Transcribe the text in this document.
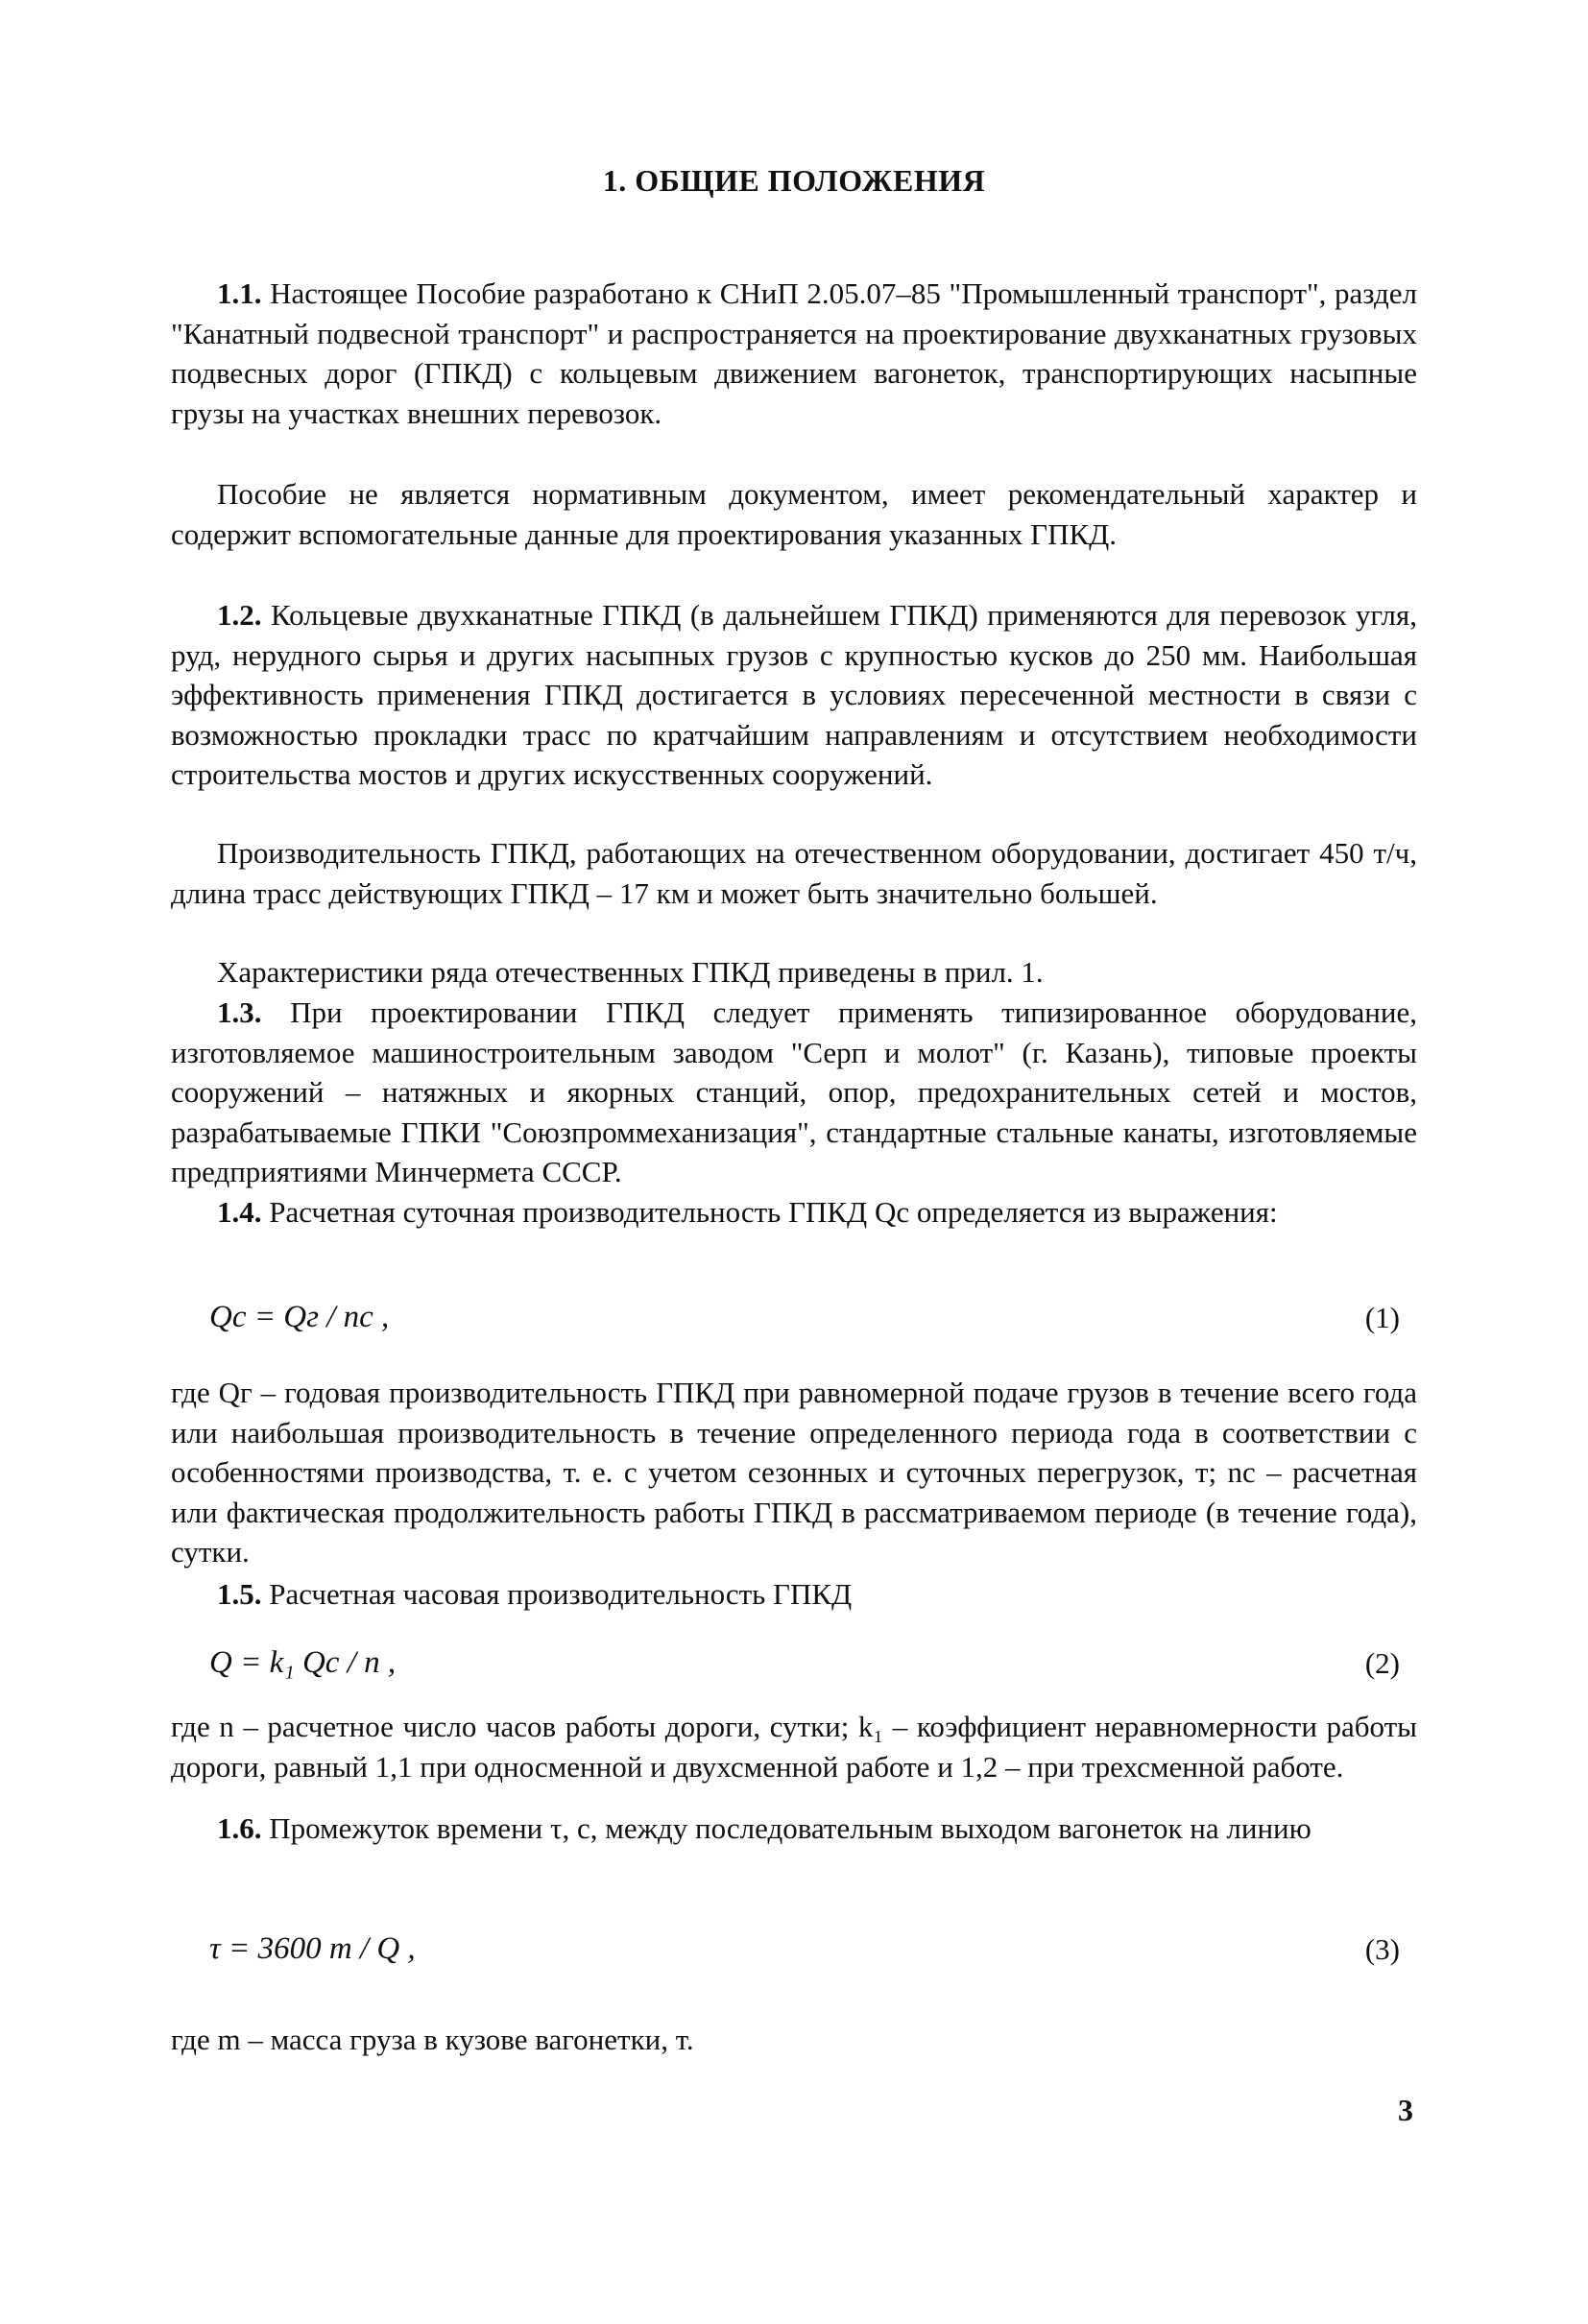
1. ОБЩИЕ ПОЛОЖЕНИЯ

1.1. Настоящее Пособие разработано к СНиП 2.05.07–85 "Промышленный транспорт", раздел "Канатный подвесной транспорт" и распространяется на проектирование двухканатных грузовых подвесных дорог (ГПКД) с кольцевым движением вагонеток, транспортирующих насыпные грузы на участках внешних перевозок.

Пособие не является нормативным документом, имеет рекомендательный характер и содержит вспомогательные данные для проектирования указанных ГПКД.

1.2. Кольцевые двухканатные ГПКД (в дальнейшем ГПКД) применяются для перевозок угля, руд, нерудного сырья и других насыпных грузов с крупностью кусков до 250 мм. Наибольшая эффективность применения ГПКД достигается в условиях пересеченной местности в связи с возможностью прокладки трасс по кратчайшим направлениям и отсутствием необходимости строительства мостов и других искусственных сооружений.

Производительность ГПКД, работающих на отечественном оборудовании, достигает 450 т/ч, длина трасс действующих ГПКД – 17 км и может быть значительно большей.

Характеристики ряда отечественных ГПКД приведены в прил. 1.

1.3. При проектировании ГПКД следует применять типизированное оборудование, изготовляемое машиностроительным заводом "Серп и молот" (г. Казань), типовые проекты сооружений – натяжных и якорных станций, опор, предохранительных сетей и мостов, разрабатываемые ГПКИ "Союзпроммеханизация", стандартные стальные канаты, изготовляемые предприятиями Минчермета СССР.

1.4. Расчетная суточная производительность ГПКД Qс определяется из выражения:

Qс = Qг / nс ,	(1)

где Qг – годовая производительность ГПКД при равномерной подаче грузов в течение всего года или наибольшая производительность в течение определенного периода года в соответствии с особенностями производства, т. е. с учетом сезонных и суточных перегрузок, т; nс – расчетная или фактическая продолжительность работы ГПКД в рассматриваемом периоде (в течение года), сутки.

1.5. Расчетная часовая производительность ГПКД

Q = k₁ Qс / n ,	(2)

где n – расчетное число часов работы дороги, сутки; k₁ – коэффициент неравномерности работы дороги, равный 1,1 при односменной и двухсменной работе и 1,2 – при трехсменной работе.

1.6. Промежуток времени τ, с, между последовательным выходом вагонеток на линию

τ = 3600 m / Q ,	(3)

где m – масса груза в кузове вагонетки, т.

3
